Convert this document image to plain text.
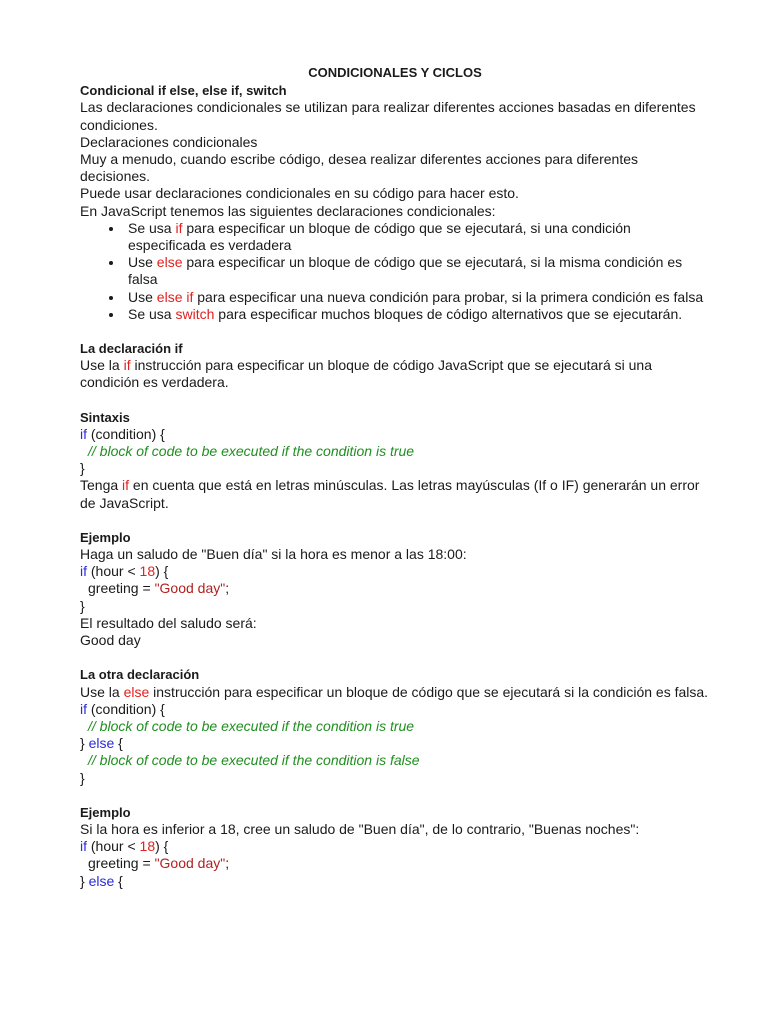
CONDICIONALES Y CICLOS
Condicional if else, else if, switch

Las declaraciones condicionales se utilizan para realizar diferentes acciones basadas en diferentes condiciones.

Declaraciones condicionales

Muy a menudo, cuando escribe código, desea realizar diferentes acciones para diferentes decisiones.

Puede usar declaraciones condicionales en su código para hacer esto.

En JavaScript tenemos las siguientes declaraciones condicionales:

• Se usa if para especificar un bloque de código que se ejecutará, si una condición especificada es verdadera
• Use else para especificar un bloque de código que se ejecutará, si la misma condición es falsa
• Use else if para especificar una nueva condición para probar, si la primera condición es falsa
• Se usa switch para especificar muchos bloques de código alternativos que se ejecutarán.
La declaración if

Use la if instrucción para especificar un bloque de código JavaScript que se ejecutará si una condición es verdadera.

Sintaxis
if (condition) {
// block of code to be executed if the condition is true
}

Tenga if en cuenta que está en letras minúsculas. Las letras mayúsculas (If o IF) generarán un error de JavaScript.

Ejemplo

Haga un saludo de "Buen día" si la hora es menor a las 18:00:

if (hour < 18) {
greeting = "Good day";
}

El resultado del saludo será:

Good day

La otra declaración

Use la else instrucción para especificar un bloque de código que se ejecutará si la condición es falsa.

if (condition) {
// block of code to be executed if the condition is true
} else {
// block of code to be executed if the condition is false
}
Ejemplo

Si la hora es inferior a 18, cree un saludo de "Buen día", de lo contrario, "Buenas noches":

if (hour < 18) {
greeting = "Good day";
} else {
